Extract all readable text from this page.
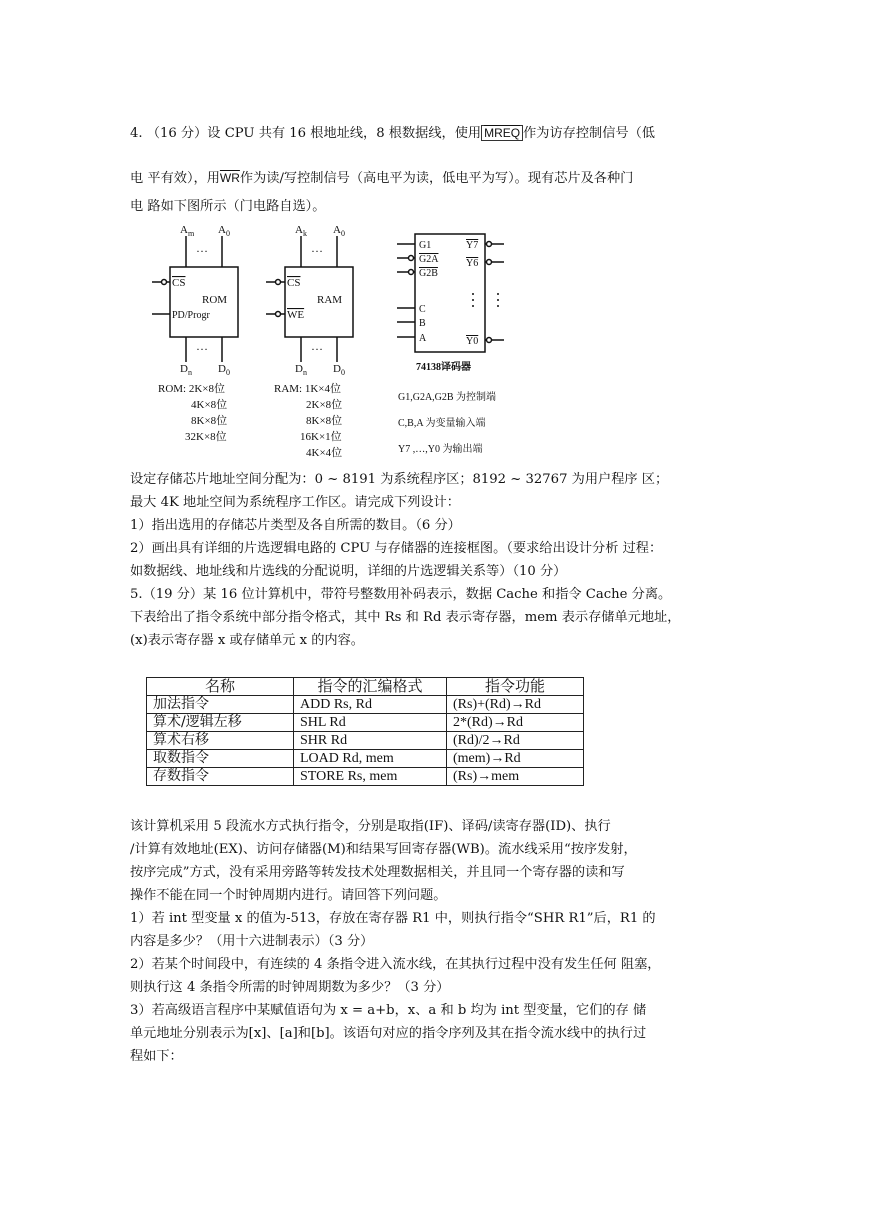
4. （16 分）设 CPU 共有 16 根地址线，8 根数据线，使用 MREQ 作为访存控制信号（低
电 平有效），用$\overline{WR}$作为读/写控制信号（高电平为读，低电平为写）。现有芯片及各种门
电 路如下图所示（门电路自选）。
$A_m$ $A_0$
…
CS
ROM
PD/Progr
…
$D_n$ $D_0$
ROM: 2K×8位
4K×8位
8K×8位
32K×8位
$A_k$ $A_0$
…
CS
RAM
WE
…
$D_n$ $D_0$
RAM: 1K×4位
2K×8位
8K×8位
16K×1位
4K×4位
G1
G2A
G2B
C
B
A
Y7
Y6
Y0
74138译码器
G1,G2A,G2B 为控制端
C,B,A 为变量输入端
Y7 ,…,Y0 为输出端
设定存储芯片地址空间分配为：0 ~ 8191 为系统程序区；8192 ~ 32767 为用户程序 区；
最大 4K 地址空间为系统程序工作区。请完成下列设计：
1）指出选用的存储芯片类型及各自所需的数目。（6 分）
2）画出具有详细的片选逻辑电路的 CPU 与存储器的连接框图。（要求给出设计分析 过程：
如数据线、地址线和片选线的分配说明，详细的片选逻辑关系等）（10 分）
5.（19 分）某 16 位计算机中，带符号整数用补码表示，数据 Cache 和指令 Cache 分离。
下表给出了指令系统中部分指令格式，其中 Rs 和 Rd 表示寄存器，mem 表示存储单元地址，
(x)表示寄存器 x 或存储单元 x 的内容。
名称	指令的汇编格式	指令功能
加法指令	ADD Rs, Rd	(Rs)+(Rd)→Rd
算术/逻辑左移	SHL Rd	2*(Rd)→Rd
算术右移	SHR Rd	(Rd)/2→Rd
取数指令	LOAD Rd, mem	(mem)→Rd
存数指令	STORE Rs, mem	(Rs)→mem
该计算机采用 5 段流水方式执行指令，分别是取指(IF)、译码/读寄存器(ID)、执行
/计算有效地址(EX)、访问存储器(M)和结果写回寄存器(WB)。流水线采用“按序发射，
按序完成”方式，没有采用旁路等转发技术处理数据相关，并且同一个寄存器的读和写
操作不能在同一个时钟周期内进行。请回答下列问题。
1）若 int 型变量 x 的值为-513，存放在寄存器 R1 中，则执行指令“SHR R1”后，R1 的
内容是多少？（用十六进制表示）（3 分）
2）若某个时间段中，有连续的 4 条指令进入流水线，在其执行过程中没有发生任何 阻塞，
则执行这 4 条指令所需的时钟周期数为多少？（3 分）
3）若高级语言程序中某赋值语句为 x = a+b，x、a 和 b 均为 int 型变量，它们的存 储
单元地址分别表示为[x]、[a]和[b]。该语句对应的指令序列及其在指令流水线中的执行过
程如下：
